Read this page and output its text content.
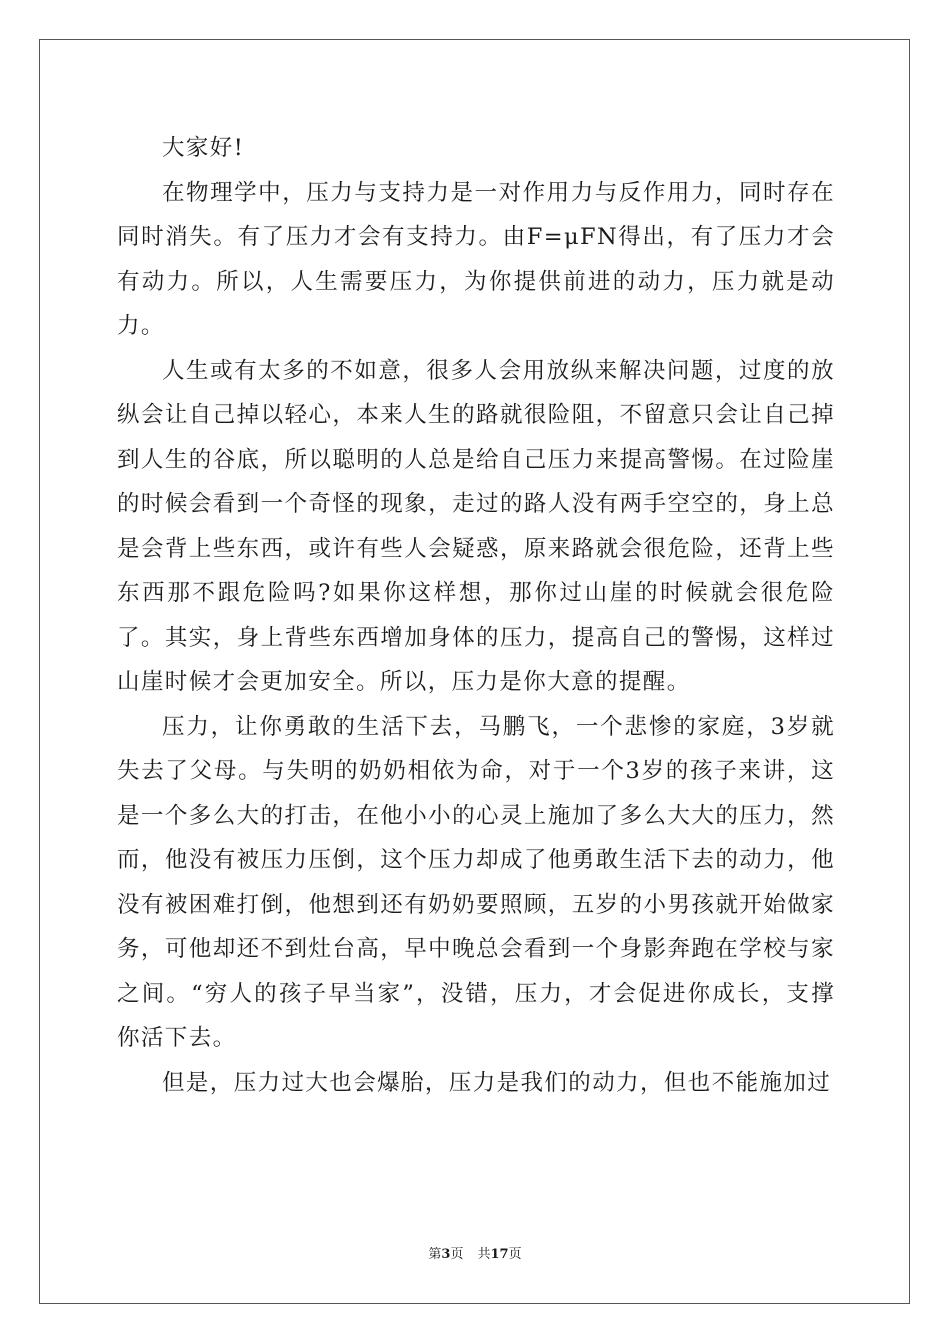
大家好!

在物理学中，压力与支持力是一对作用力与反作用力，同时存在同时消失。有了压力才会有支持力。由F=μFN得出，有了压力才会有动力。所以，人生需要压力，为你提供前进的动力，压力就是动力。

人生或有太多的不如意，很多人会用放纵来解决问题，过度的放纵会让自己掉以轻心，本来人生的路就很险阻，不留意只会让自己掉到人生的谷底，所以聪明的人总是给自己压力来提高警惕。在过险崖的时候会看到一个奇怪的现象，走过的路人没有两手空空的，身上总是会背上些东西，或许有些人会疑惑，原来路就会很危险，还背上些东西那不跟危险吗?如果你这样想，那你过山崖的时候就会很危险了。其实，身上背些东西增加身体的压力，提高自己的警惕，这样过山崖时候才会更加安全。所以，压力是你大意的提醒。

压力，让你勇敢的生活下去，马鹏飞，一个悲惨的家庭，3岁就失去了父母。与失明的奶奶相依为命，对于一个3岁的孩子来讲，这是一个多么大的打击，在他小小的心灵上施加了多么大大的压力，然而，他没有被压力压倒，这个压力却成了他勇敢生活下去的动力，他没有被困难打倒，他想到还有奶奶要照顾，五岁的小男孩就开始做家务，可他却还不到灶台高，早中晚总会看到一个身影奔跑在学校与家之间。“穷人的孩子早当家”，没错，压力，才会促进你成长，支撑你活下去。

但是，压力过大也会爆胎，压力是我们的动力，但也不能施加过

第3页 共17页
